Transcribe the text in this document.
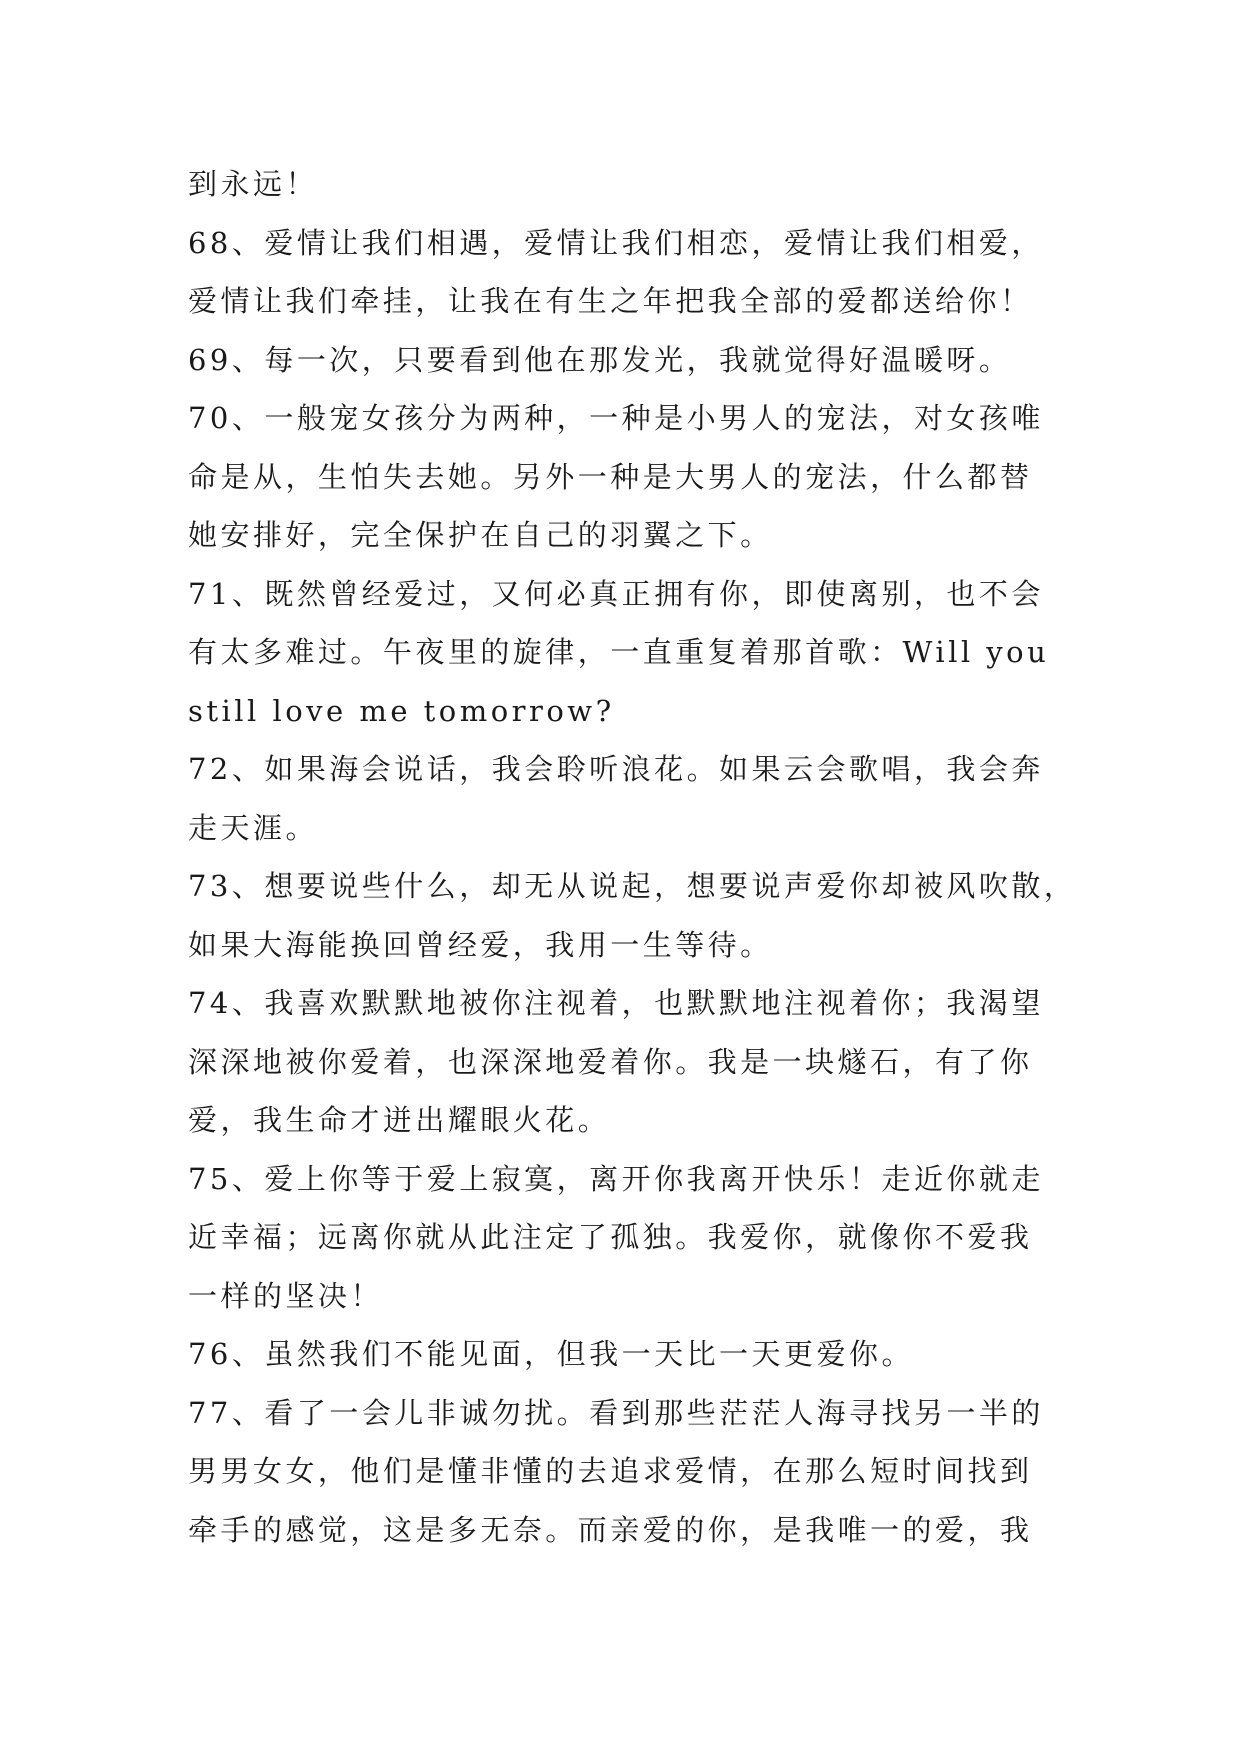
到永远！
68、爱情让我们相遇，爱情让我们相恋，爱情让我们相爱，
爱情让我们牵挂，让我在有生之年把我全部的爱都送给你！
69、每一次，只要看到他在那发光，我就觉得好温暖呀。
70、一般宠女孩分为两种，一种是小男人的宠法，对女孩唯
命是从，生怕失去她。另外一种是大男人的宠法，什么都替
她安排好，完全保护在自己的羽翼之下。
71、既然曾经爱过，又何必真正拥有你，即使离别，也不会
有太多难过。午夜里的旋律，一直重复着那首歌：Will you
still love me tomorrow?
72、如果海会说话，我会聆听浪花。如果云会歌唱，我会奔
走天涯。
73、想要说些什么，却无从说起，想要说声爱你却被风吹散，
如果大海能换回曾经爱，我用一生等待。
74、我喜欢默默地被你注视着，也默默地注视着你；我渴望
深深地被你爱着，也深深地爱着你。我是一块燧石，有了你
爱，我生命才迸出耀眼火花。
75、爱上你等于爱上寂寞，离开你我离开快乐！走近你就走
近幸福；远离你就从此注定了孤独。我爱你，就像你不爱我
一样的坚决！
76、虽然我们不能见面，但我一天比一天更爱你。
77、看了一会儿非诚勿扰。看到那些茫茫人海寻找另一半的
男男女女，他们是懂非懂的去追求爱情，在那么短时间找到
牵手的感觉，这是多无奈。而亲爱的你，是我唯一的爱，我
